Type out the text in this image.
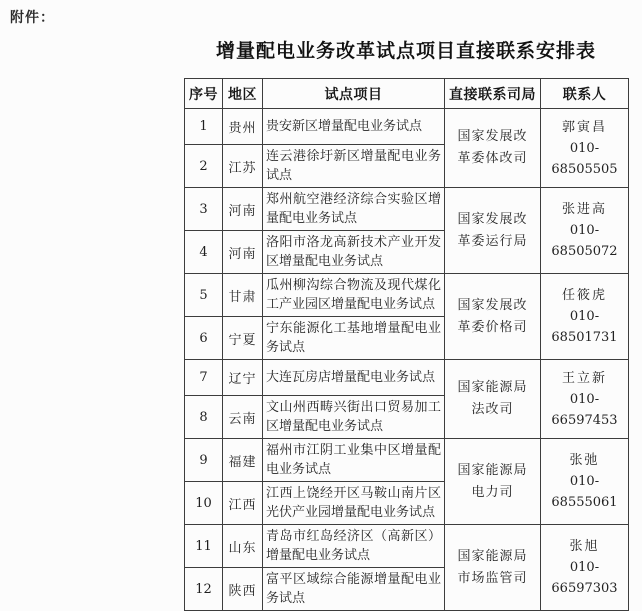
附件：
增量配电业务改革试点项目直接联系安排表
序号	地区	试点项目	直接联系司局	联系人
1	贵州	贵安新区增量配电业务试点	国家发展改革委体改司	郭寅昌
010-68505505

2	江苏	连云港徐圩新区增量配电业务试点		
3	河南	郑州航空港经济综合实验区增量配电业务试点	国家发展改革委运行局	张进高
010-68505072

4	河南	洛阳市洛龙高新技术产业开发区增量配电业务试点		
5	甘肃	瓜州柳沟综合物流及现代煤化工产业园区增量配电业务试点	国家发展改革委价格司	任筱虎
010-68501731

6	宁夏	宁东能源化工基地增量配电业务试点		
7	辽宁	大连瓦房店增量配电业务试点	国家能源局法改司	王立新
010-66597453

8	云南	文山州西畴兴街出口贸易加工区增量配电业务试点		
9	福建	福州市江阴工业集中区增量配电业务试点	国家能源局电力司	张弛
010-68555061

10	江西	江西上饶经开区马鞍山南片区光伏产业园增量配电业务试点		
11	山东	青岛市红岛经济区（高新区）增量配电业务试点	国家能源局市场监管司	张旭
010-66597303

12	陕西	富平区域综合能源增量配电业务试点		
